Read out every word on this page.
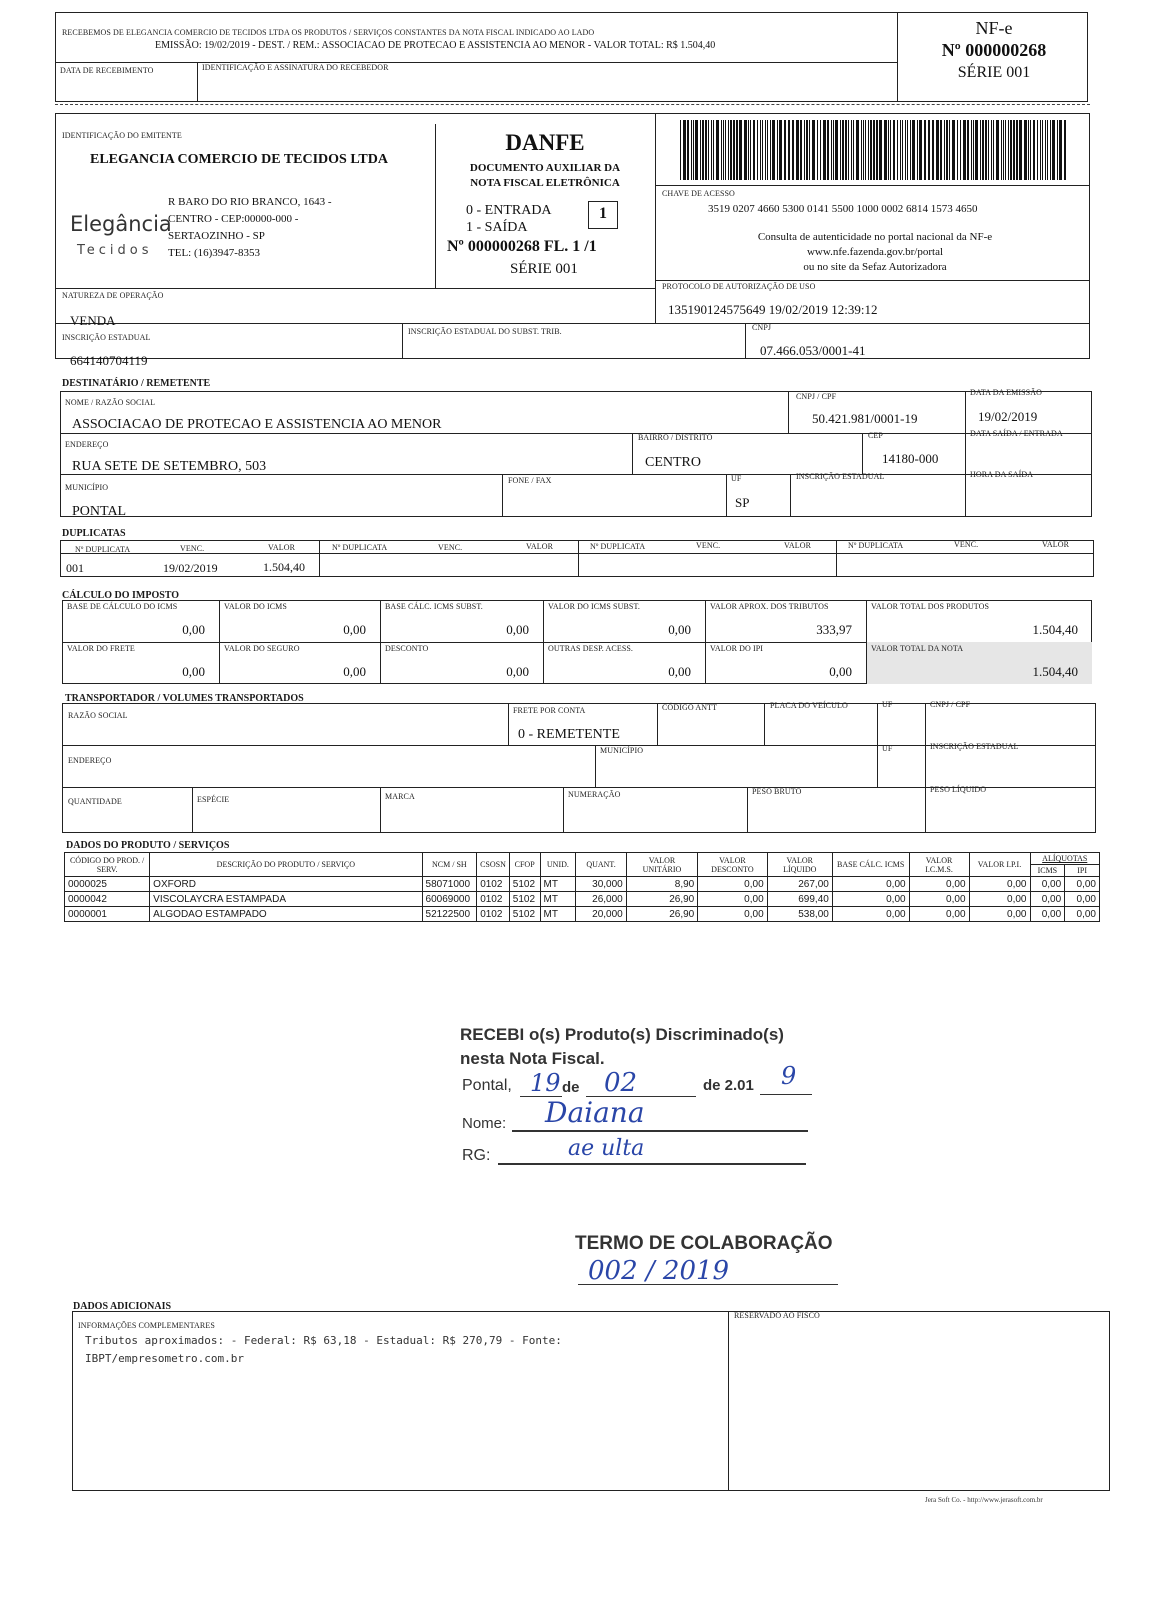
RECEBEMOS DE ELEGANCIA COMERCIO DE TECIDOS LTDA OS PRODUTOS / SERVIÇOS CONSTANTES DA NOTA FISCAL INDICADO AO LADO
EMISSÃO: 19/02/2019 - DEST. / REM.: ASSOCIACAO DE PROTECAO E ASSISTENCIA AO MENOR - VALOR TOTAL: R$ 1.504,40
DATA DE RECEBIMENTO	IDENTIFICAÇÃO E ASSINATURA DO RECEBEDOR
NF-e
Nº 000000268
SÉRIE 001
IDENTIFICAÇÃO DO EMITENTE
ELEGANCIA COMERCIO DE TECIDOS LTDA
Elegância
Tecidos
R BARO DO RIO BRANCO, 1643 -
CENTRO - CEP:00000-000 -
SERTAOZINHO - SP
TEL: (16)3947-8353
DANFE
DOCUMENTO AUXILIAR DA
NOTA FISCAL ELETRÔNICA
0 - ENTRADA
1 - SAÍDA
1
Nº 000000268 FL. 1 /1
SÉRIE 001
CHAVE DE ACESSO
3519 0207 4660 5300 0141 5500 1000 0002 6814 1573 4650
Consulta de autenticidade no portal nacional da NF-e
www.nfe.fazenda.gov.br/portal
ou no site da Sefaz Autorizadora
PROTOCOLO DE AUTORIZAÇÃO DE USO
135190124575649 19/02/2019 12:39:12
NATUREZA DE OPERAÇÃO
VENDA
INSCRIÇÃO ESTADUAL
664140704119
INSCRIÇÃO ESTADUAL DO SUBST. TRIB.	CNPJ
07.466.053/0001-41
DESTINATÁRIO / REMETENTE
NOME / RAZÃO SOCIAL
ASSOCIACAO DE PROTECAO E ASSISTENCIA AO MENOR
CNPJ / CPF
50.421.981/0001-19
DATA DA EMISSÃO
19/02/2019
ENDEREÇO
RUA SETE DE SETEMBRO, 503
BAIRRO / DISTRITO
CENTRO
CEP
14180-000
DATA SAÍDA / ENTRADA
MUNICÍPIO
PONTAL
FONE / FAX	UF
SP
INSCRIÇÃO ESTADUAL	HORA DA SAÍDA
DUPLICATAS
Nº DUPLICATA	VENC.	VALOR	Nº DUPLICATA	VENC.	VALOR	Nº DUPLICATA	VENC.	VALOR	Nº DUPLICATA	VENC.	VALOR
001	19/02/2019	1.504,40
CÁLCULO DO IMPOSTO
BASE DE CÁLCULO DO ICMS
0,00
VALOR DO ICMS
0,00
BASE CÁLC. ICMS SUBST.
0,00
VALOR DO ICMS SUBST.
0,00
VALOR APROX. DOS TRIBUTOS
333,97
VALOR TOTAL DOS PRODUTOS
1.504,40
VALOR DO FRETE
0,00
VALOR DO SEGURO
0,00
DESCONTO
0,00
OUTRAS DESP. ACESS.
0,00
VALOR DO IPI
0,00
VALOR TOTAL DA NOTA
1.504,40
TRANSPORTADOR / VOLUMES TRANSPORTADOS
RAZÃO SOCIAL
FRETE POR CONTA
0 - REMETENTE
CÓDIGO ANTT	PLACA DO VEÍCULO	UF	CNPJ / CPF
ENDEREÇO
MUNICÍPIO	UF	INSCRIÇÃO ESTADUAL
QUANTIDADE	ESPÉCIE	MARCA	NUMERAÇÃO	PESO BRUTO	PESO LÍQUIDO
DADOS DO PRODUTO / SERVIÇOS
CÓDIGO DO PROD. / SERV.	DESCRIÇÃO DO PRODUTO / SERVIÇO	NCM / SH	CSOSN	CFOP	UNID.	QUANT.	VALOR UNITÁRIO	VALOR DESCONTO	VALOR LÍQUIDO	BASE CÁLC. ICMS	VALOR I.C.M.S.	VALOR I.P.I.	ALÍQUOTAS	
													ICMS	IPI
0000025	OXFORD	58071000	0102	5102	MT	30,000	8,90	0,00	267,00	0,00	0,00	0,00	0,00	0,00
0000042	VISCOLAYCRA ESTAMPADA	60069000	0102	5102	MT	26,000	26,90	0,00	699,40	0,00	0,00	0,00	0,00	0,00
0000001	ALGODAO ESTAMPADO	52122500	0102	5102	MT	20,000	26,90	0,00	538,00	0,00	0,00	0,00	0,00	0,00
RECEBI o(s) Produto(s) Discriminado(s)
nesta Nota Fiscal.
Pontal,	de	de 2.01
Nome:
RG:
TERMO DE COLABORAÇÃO
19 02	9
Daiana
ae ulta
002 / 2019
DADOS ADICIONAIS
INFORMAÇÕES COMPLEMENTARES
Tributos aproximados: - Federal: R$ 63,18 - Estadual: R$ 270,79 - Fonte:
IBPT/empresometro.com.br
RESERVADO AO FISCO
Jera Soft Co. - http://www.jerasoft.com.br
